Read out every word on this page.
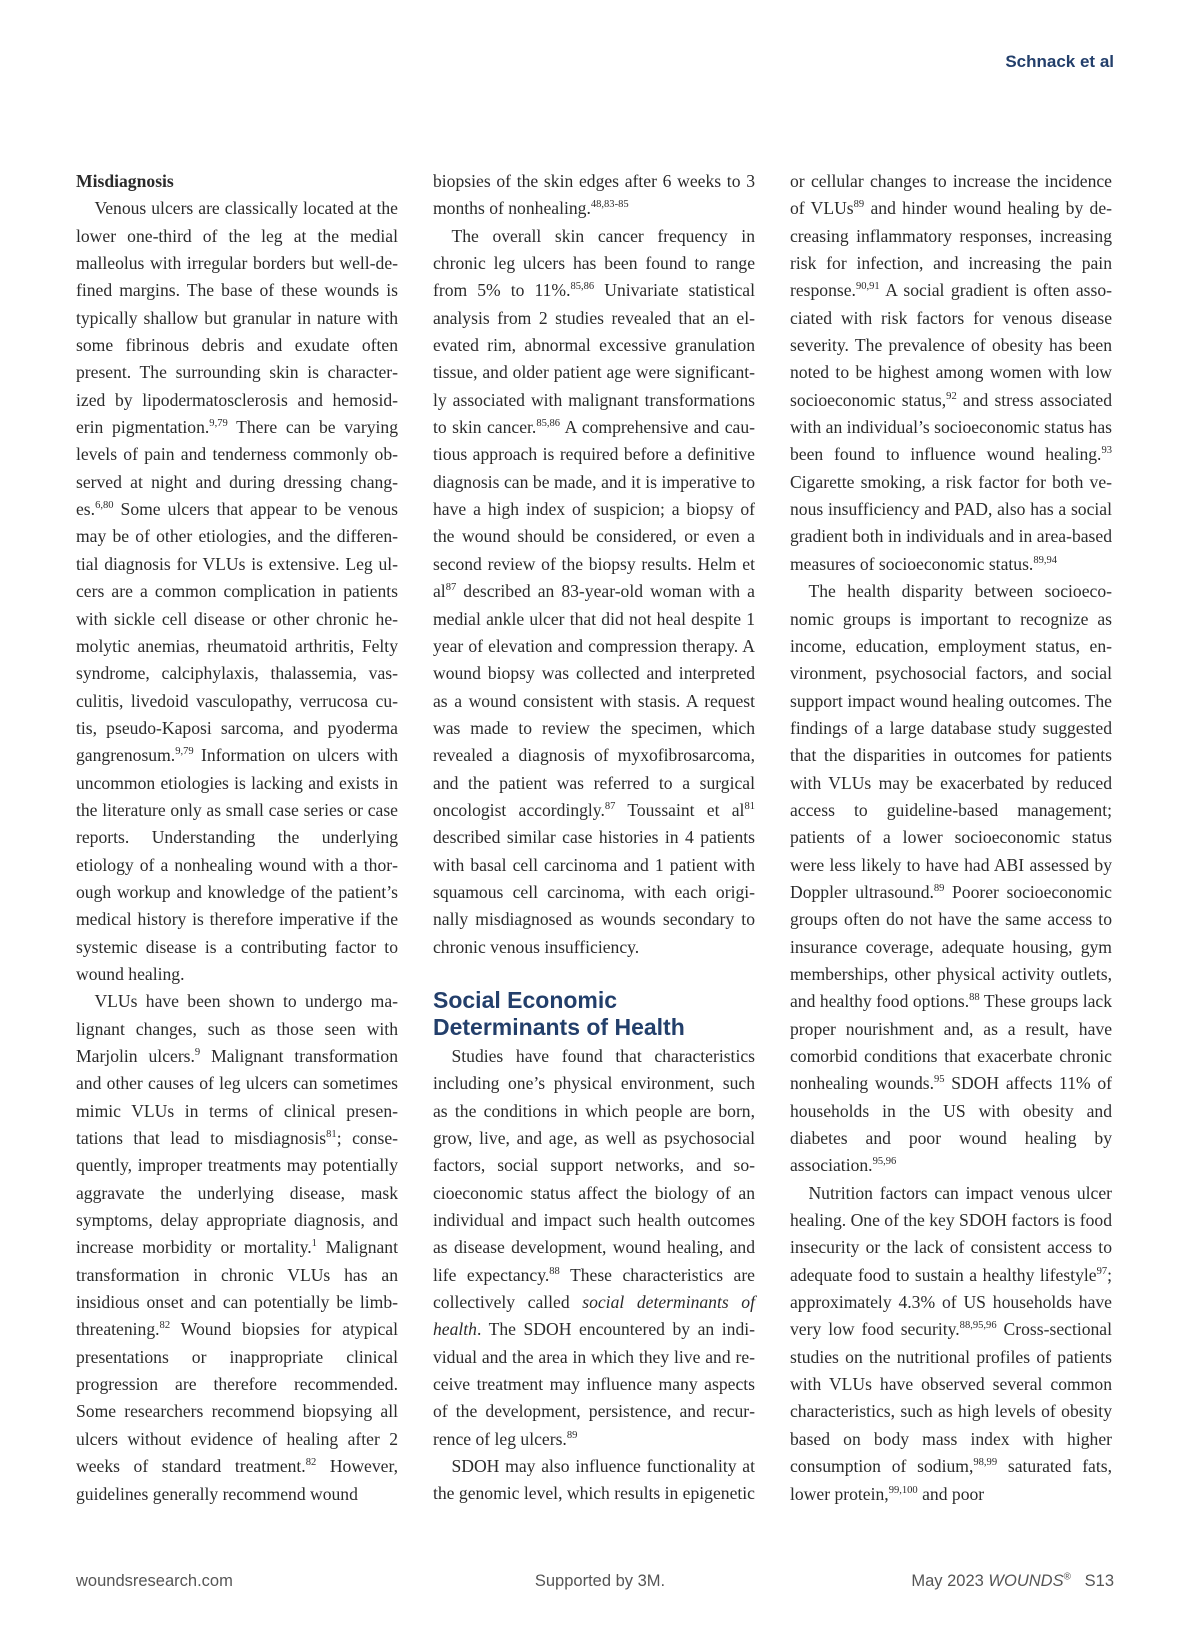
Schnack et al
Misdiagnosis

Venous ulcers are classically located at the lower one-third of the leg at the medial malleolus with irregular borders but well-defined margins. The base of these wounds is typically shallow but granular in nature with some fibrinous debris and exudate often present. The surrounding skin is characterized by lipodermatosclerosis and hemosiderin pigmentation.$^{9,79}$ There can be varying levels of pain and tenderness commonly observed at night and during dressing changes.$^{6,80}$ Some ulcers that appear to be venous may be of other etiologies, and the differential diagnosis for VLUs is extensive. Leg ulcers are a common complication in patients with sickle cell disease or other chronic hemolytic anemias, rheumatoid arthritis, Felty syndrome, calciphylaxis, thalassemia, vasculitis, livedoid vasculopathy, verrucosa cutis, pseudo-Kaposi sarcoma, and pyoderma gangrenosum.$^{9,79}$ Information on ulcers with uncommon etiologies is lacking and exists in the literature only as small case series or case reports. Understanding the underlying etiology of a nonhealing wound with a thorough workup and knowledge of the patient’s medical history is therefore imperative if the systemic disease is a contributing factor to wound healing.

VLUs have been shown to undergo malignant changes, such as those seen with Marjolin ulcers.$^9$ Malignant transformation and other causes of leg ulcers can sometimes mimic VLUs in terms of clinical presentations that lead to misdiagnosis$^{81}$; consequently, improper treatments may potentially aggravate the underlying disease, mask symptoms, delay appropriate diagnosis, and increase morbidity or mortality.$^1$ Malignant transformation in chronic VLUs has an insidious onset and can potentially be limb-threatening.$^{82}$ Wound biopsies for atypical presentations or inappropriate clinical progression are therefore recommended. Some researchers recommend biopsying all ulcers without evidence of healing after 2 weeks of standard treatment.$^{82}$ However, guidelines generally recommend wound

biopsies of the skin edges after 6 weeks to 3 months of nonhealing.$^{48,83-85}$

The overall skin cancer frequency in chronic leg ulcers has been found to range from 5% to 11%.$^{85,86}$ Univariate statistical analysis from 2 studies revealed that an elevated rim, abnormal excessive granulation tissue, and older patient age were significantly associated with malignant transformations to skin cancer.$^{85,86}$ A comprehensive and cautious approach is required before a definitive diagnosis can be made, and it is imperative to have a high index of suspicion; a biopsy of the wound should be considered, or even a second review of the biopsy results. Helm et $al^{87}$ described an 83-year-old woman with a medial ankle ulcer that did not heal despite 1 year of elevation and compression therapy. A wound biopsy was collected and interpreted as a wound consistent with stasis. A request was made to review the specimen, which revealed a diagnosis of myxofibrosarcoma, and the patient was referred to a surgical oncologist accordingly.$^{87}$ Toussaint et $al^{81}$ described similar case histories in 4 patients with basal cell carcinoma and 1 patient with squamous cell carcinoma, with each originally misdiagnosed as wounds secondary to chronic venous insufficiency.

Social Economic Determinants of Health

Studies have found that characteristics including one’s physical environment, such as the conditions in which people are born, grow, live, and age, as well as psychosocial factors, social support networks, and socioeconomic status affect the biology of an individual and impact such health outcomes as disease development, wound healing, and life expectancy.$^{88}$ These characteristics are collectively called social determinants of health. The SDOH encountered by an individual and the area in which they live and receive treatment may influence many aspects of the development, persistence, and recurrence of leg ulcers.$^{89}$

SDOH may also influence functionality at the genomic level, which results in epigenetic

or cellular changes to increase the incidence of VLUs$^{89}$ and hinder wound healing by decreasing inflammatory responses, increasing risk for infection, and increasing the pain response.$^{90,91}$ A social gradient is often associated with risk factors for venous disease severity. The prevalence of obesity has been noted to be highest among women with low socioeconomic status,$^{92}$ and stress associated with an individual’s socioeconomic status has been found to influence wound healing.$^{93}$ Cigarette smoking, a risk factor for both venous insufficiency and PAD, also has a social gradient both in individuals and in area-based measures of socioeconomic status.$^{89,94}$

The health disparity between socioeconomic groups is important to recognize as income, education, employment status, environment, psychosocial factors, and social support impact wound healing outcomes. The findings of a large database study suggested that the disparities in outcomes for patients with VLUs may be exacerbated by reduced access to guideline-based management; patients of a lower socioeconomic status were less likely to have had ABI assessed by Doppler ultrasound.$^{89}$ Poorer socioeconomic groups often do not have the same access to insurance coverage, adequate housing, gym memberships, other physical activity outlets, and healthy food options.$^{88}$ These groups lack proper nourishment and, as a result, have comorbid conditions that exacerbate chronic nonhealing wounds.$^{95}$ SDOH affects 11% of households in the US with obesity and diabetes and poor wound healing by association.$^{95,96}$

Nutrition factors can impact venous ulcer healing. One of the key SDOH factors is food insecurity or the lack of consistent access to adequate food to sustain a healthy lifestyle$^{97}$; approximately 4.3% of US households have very low food security.$^{88,95,96}$ Cross-sectional studies on the nutritional profiles of patients with VLUs have observed several common characteristics, such as high levels of obesity based on body mass index with higher consumption of sodium,$^{98,99}$ saturated fats, lower protein,$^{99,100}$ and poor

woundsresearch.com	Supported by 3M.	May 2023 WOUNDS® S13
